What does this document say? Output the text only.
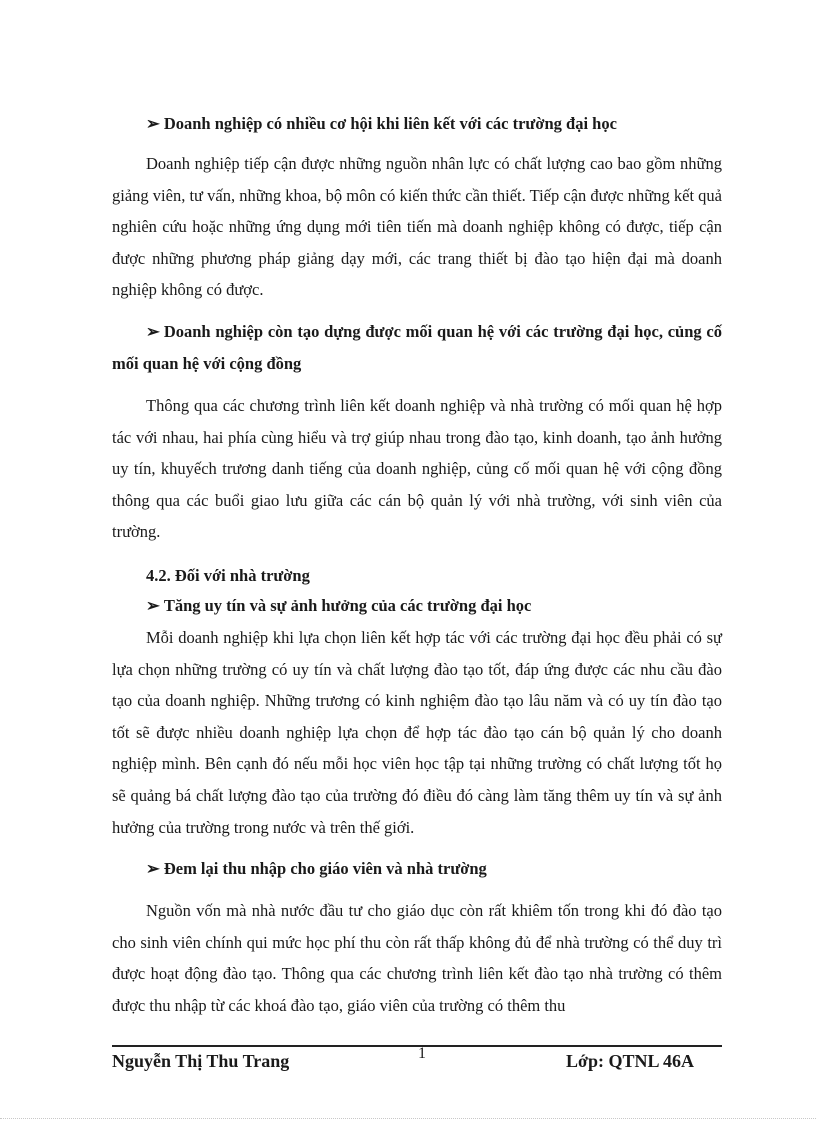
➢ Doanh nghiệp có nhiều cơ hội khi liên kết với các trường đại học

Doanh nghiệp tiếp cận được những nguồn nhân lực có chất lượng cao bao gồm những giảng viên, tư vấn, những khoa, bộ môn có kiến thức cần thiết. Tiếp cận được những kết quả nghiên cứu hoặc những ứng dụng mới tiên tiến mà doanh nghiệp không có được, tiếp cận được những phương pháp giảng dạy mới, các trang thiết bị đào tạo hiện đại mà doanh nghiệp không có được.

➢ Doanh nghiệp còn tạo dựng được mối quan hệ với các trường đại học, củng cố mối quan hệ với cộng đồng

Thông qua các chương trình liên kết doanh nghiệp và nhà trường có mối quan hệ hợp tác với nhau, hai phía cùng hiểu và trợ giúp nhau trong đào tạo, kinh doanh, tạo ảnh hưởng uy tín, khuyếch trương danh tiếng của doanh nghiệp, củng cố mối quan hệ với cộng đồng thông qua các buổi giao lưu giữa các cán bộ quản lý với nhà trường, với sinh viên của trường.

4.2. Đối với nhà trường

➢ Tăng uy tín và sự ảnh hưởng của các trường đại học

Mỗi doanh nghiệp khi lựa chọn liên kết hợp tác với các trường đại học đều phải có sự lựa chọn những trường có uy tín và chất lượng đào tạo tốt, đáp ứng được các nhu cầu đào tạo của doanh nghiệp. Những trương có kinh nghiệm đào tạo lâu năm và có uy tín đào tạo tốt sẽ được nhiều doanh nghiệp lựa chọn để hợp tác đào tạo cán bộ quản lý cho doanh nghiệp mình. Bên cạnh đó nếu mỗi học viên học tập tại những trường có chất lượng tốt họ sẽ quảng bá chất lượng đào tạo của trường đó điều đó càng làm tăng thêm uy tín và sự ảnh hưởng của trường trong nước và trên thế giới.

➢ Đem lại thu nhập cho giáo viên và nhà trường

Nguồn vốn mà nhà nước đầu tư cho giáo dục còn rất khiêm tốn trong khi đó đào tạo cho sinh viên chính qui mức học phí thu còn rất thấp không đủ để nhà trường có thể duy trì được hoạt động đào tạo. Thông qua các chương trình liên kết đào tạo nhà trường có thêm được thu nhập từ các khoá đào tạo, giáo viên của trường có thêm thu

Nguyễn Thị Thu Trang	1	Lớp: QTNL 46A
